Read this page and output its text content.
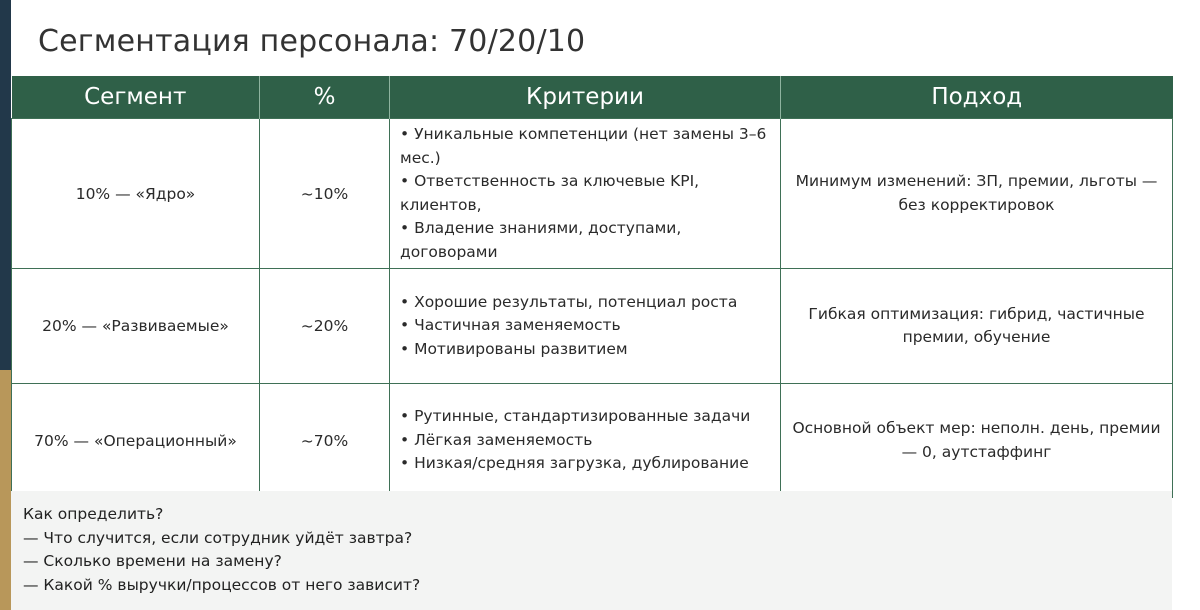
Сегментация персонала: 70/20/10
Сегмент	%	Критерии	Подход
10% — «Ядро»	~10%	• Уникальные компетенции (нет замены 3–6 мес.)
• Ответственность за ключевые KPI, клиентов,
• Владение знаниями, доступами, договорами	Минимум изменений: ЗП, премии, льготы — без корректировок

20% — «Развиваемые»	~20%	• Хорошие результаты, потенциал роста
• Частичная заменяемость
• Мотивированы развитием	Гибкая оптимизация: гибрид, частичные премии, обучение

70% — «Операционный»	~70%	• Рутинные, стандартизированные задачи
• Лёгкая заменяемость
• Низкая/средняя загрузка, дублирование	Основной объект мер: неполн. день, премии — 0, аутстаффинг
Как определить?
— Что случится, если сотрудник уйдёт завтра?
— Сколько времени на замену?
— Какой % выручки/процессов от него зависит?
